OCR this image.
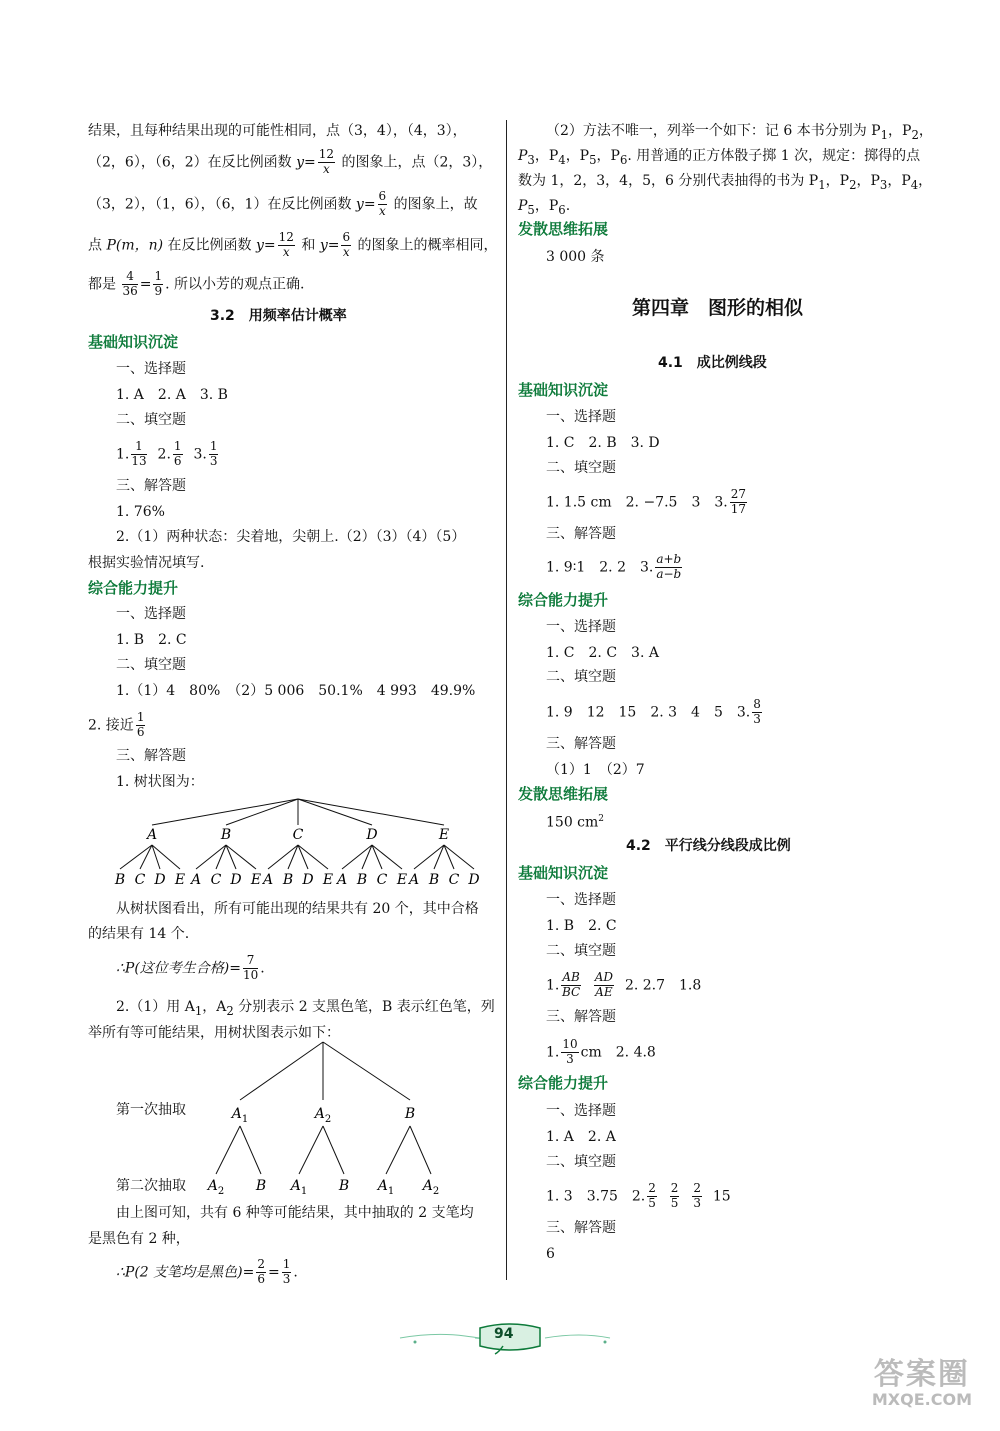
结果，且每种结果出现的可能性相同，点（3，4），（4，3），
（2，6），（6，2）在反比例函数 $y= \frac{12}{x}$ 的图象上，点（2，3），
（3，2），（1，6），（6，1）在反比例函数 $y= \frac{6}{x}$ 的图象上，故
点 P(m，n) 在反比例函数 $y= \frac{12}{x}$ 和 $y= \frac{6}{x}$ 的图象上的概率相同，
都是 $\frac{4}{36} = \frac{1}{9}$ . 所以小芳的观点正确.
3.2　用频率估计概率
基础知识沉淀
一、选择题
1. A　2. A　3. B
二、填空题
1. $\frac{1}{13} 2$. $\frac{1}{6} 3$. $\frac{1}{3}$
三、解答题
1. 76%
2.（1）两种状态：尖着地，尖朝上.（2）（3）（4）（5）
根据实验情况填写.
综合能力提升
一、选择题
1. B　2. C
二、填空题
1.（1）4　80%　（2）5 006　50.1%　4 993　49.9%
2. 接近 $\frac{1}{6}$
三、解答题
1. 树状图为：
A
B C D E
B
A C D E
C
A B D E
D
A B C E
E
A B C D
从树状图看出，所有可能出现的结果共有 20 个，其中合格
的结果有 14 个.
∴P(这位考生合格)= $\frac{7}{10}$ .
2.（1）用 $A_1$，$A_2$ 分别表示 2 支黑色笔，B 表示红色笔，列
举所有等可能结果，用树状图表示如下：
第一次抽取
第二次抽取
$A_1$
$A_2$ B
$A_2$
$A_1$ B
B
$A_1$ $A_2$
由上图可知，共有 6 种等可能结果，其中抽取的 2 支笔均
是黑色有 2 种，
∴P(2 支笔均是黑色)= $\frac{2}{6} = \frac{1}{3}$ .
（2）方法不唯一，列举一个如下：记 6 本书分别为 $P_1$，$P_2$，
$P_3$，$P_4$，$P_5$，$P_6$. 用普通的正方体骰子掷 1 次，规定：掷得的点
数为 1，2，3，4，5，6 分别代表抽得的书为 $P_1$，$P_2$，$P_3$，$P_4$，
$P_5$，$P_6$.
发散思维拓展
3 000 条
第四章　图形的相似
4.1　成比例线段
基础知识沉淀
一、选择题
1. C　2. B　3. D
二、填空题
1. 1.5 cm　2. −7.5　3　3. $\frac{27}{17}$
三、解答题
1. 9∶1　2. 2　3. $\frac{a+b}{a-b}$
综合能力提升
一、选择题
1. C　2. C　3. A
二、填空题
1. 9　12　15　2. 3　4　5　3. $\frac{8}{3}$
三、解答题
（1）1　（2）7
发散思维拓展
150 $cm^2$
4.2　平行线分线段成比例
基础知识沉淀
一、选择题
1. B　2. C
二、填空题
1. $\frac{AB}{BC}$
$\frac{AD}{AE} 2$. 2.7　1.8
三、解答题
1. $\frac{10}{3}$ cm　2. 4.8
综合能力提升
一、选择题
1. A　2. A
二、填空题
1. 3　3.75　2. $\frac{2}{5}$
$\frac{2}{5}$
$\frac{2}{3} 15$
三、解答题
6
94
答案圈
MXQE.COM
